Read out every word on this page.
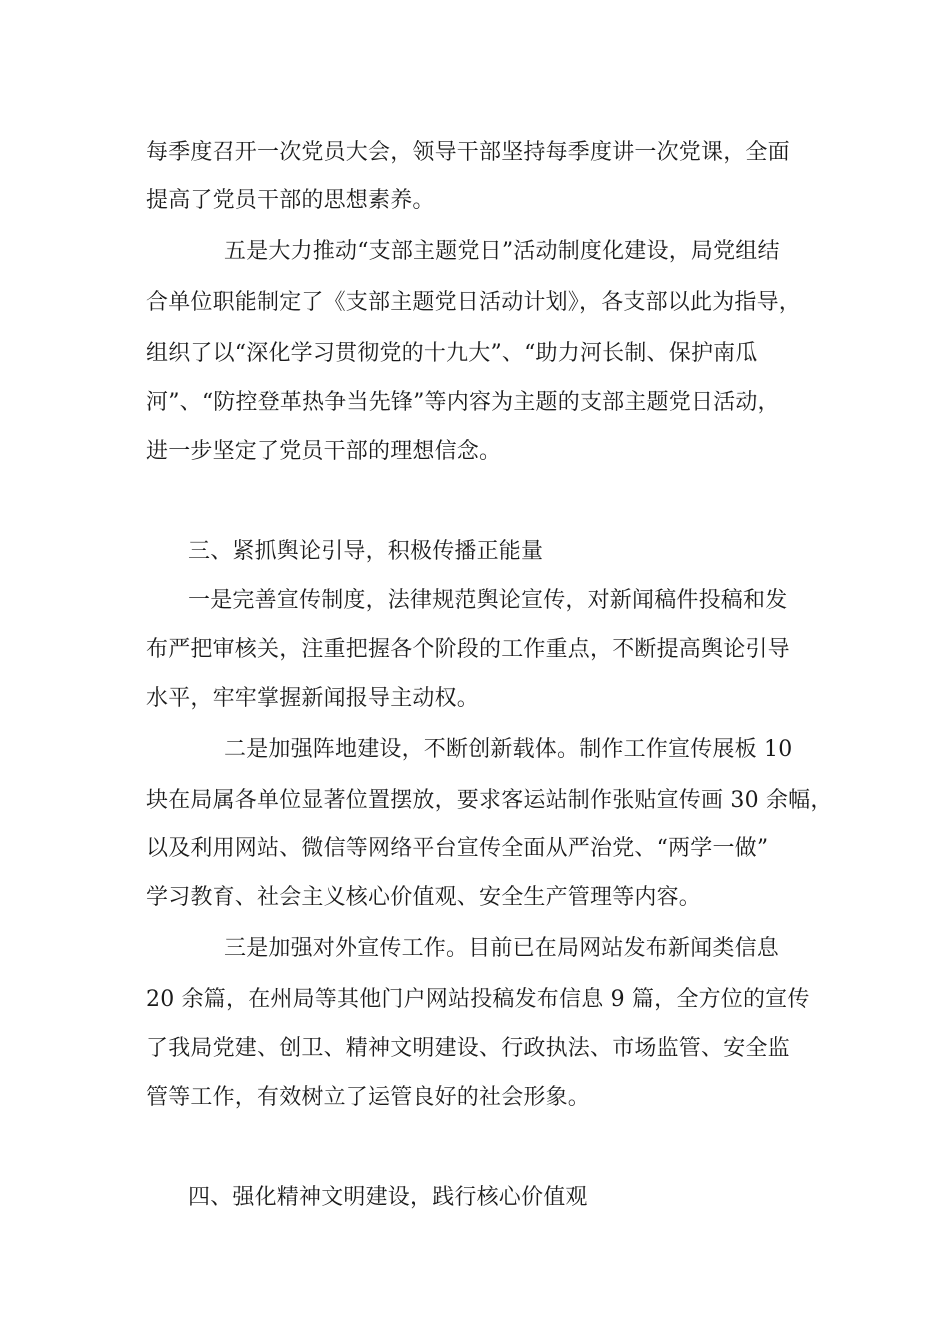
每季度召开一次党员大会，领导干部坚持每季度讲一次党课，全面
提高了党员干部的思想素养。
五是大力推动“支部主题党日”活动制度化建设，局党组结
合单位职能制定了《支部主题党日活动计划》，各支部以此为指导，
组织了以“深化学习贯彻党的十九大”、“助力河长制、保护南瓜
河”、“防控登革热争当先锋”等内容为主题的支部主题党日活动，
进一步坚定了党员干部的理想信念。
三、紧抓舆论引导，积极传播正能量
一是完善宣传制度，法律规范舆论宣传，对新闻稿件投稿和发
布严把审核关，注重把握各个阶段的工作重点，不断提高舆论引导
水平，牢牢掌握新闻报导主动权。
二是加强阵地建设，不断创新载体。制作工作宣传展板 10
块在局属各单位显著位置摆放，要求客运站制作张贴宣传画 30 余幅，
以及利用网站、微信等网络平台宣传全面从严治党、“两学一做”
学习教育、社会主义核心价值观、安全生产管理等内容。
三是加强对外宣传工作。目前已在局网站发布新闻类信息
20 余篇，在州局等其他门户网站投稿发布信息 9 篇，全方位的宣传
了我局党建、创卫、精神文明建设、行政执法、市场监管、安全监
管等工作，有效树立了运管良好的社会形象。
四、强化精神文明建设，践行核心价值观
